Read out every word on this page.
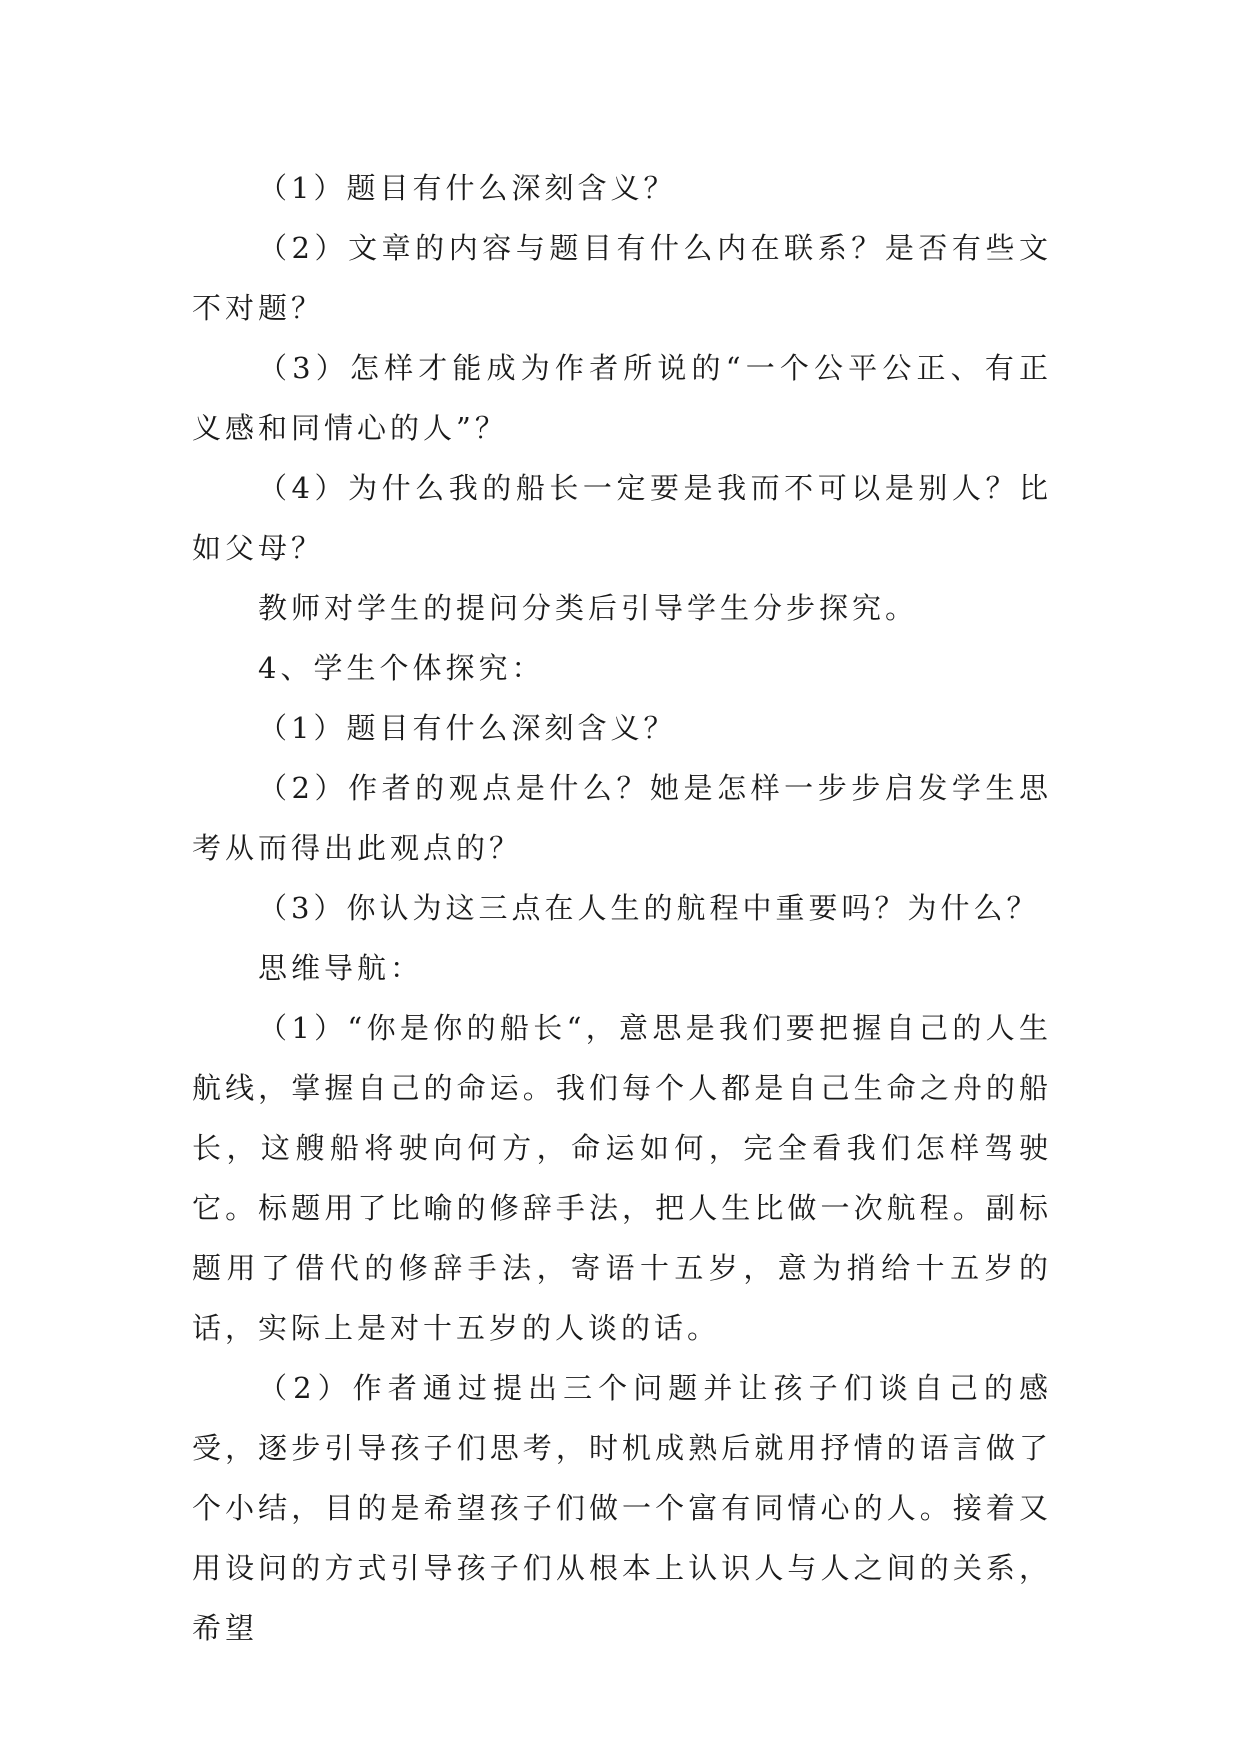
（1）题目有什么深刻含义？

（2）文章的内容与题目有什么内在联系？是否有些文不对题？

（3）怎样才能成为作者所说的“一个公平公正、有正义感和同情心的人”？

（4）为什么我的船长一定要是我而不可以是别人？比如父母？

教师对学生的提问分类后引导学生分步探究。

4、学生个体探究：

（1）题目有什么深刻含义？

（2）作者的观点是什么？她是怎样一步步启发学生思考从而得出此观点的？

（3）你认为这三点在人生的航程中重要吗？为什么？

思维导航：

（1）“你是你的船长“，意思是我们要把握自己的人生航线，掌握自己的命运。我们每个人都是自己生命之舟的船长，这艘船将驶向何方，命运如何，完全看我们怎样驾驶它。标题用了比喻的修辞手法，把人生比做一次航程。副标题用了借代的修辞手法，寄语十五岁，意为捎给十五岁的话，实际上是对十五岁的人谈的话。

（2）作者通过提出三个问题并让孩子们谈自己的感受，逐步引导孩子们思考，时机成熟后就用抒情的语言做了个小结，目的是希望孩子们做一个富有同情心的人。接着又用设问的方式引导孩子们从根本上认识人与人之间的关系，希望
